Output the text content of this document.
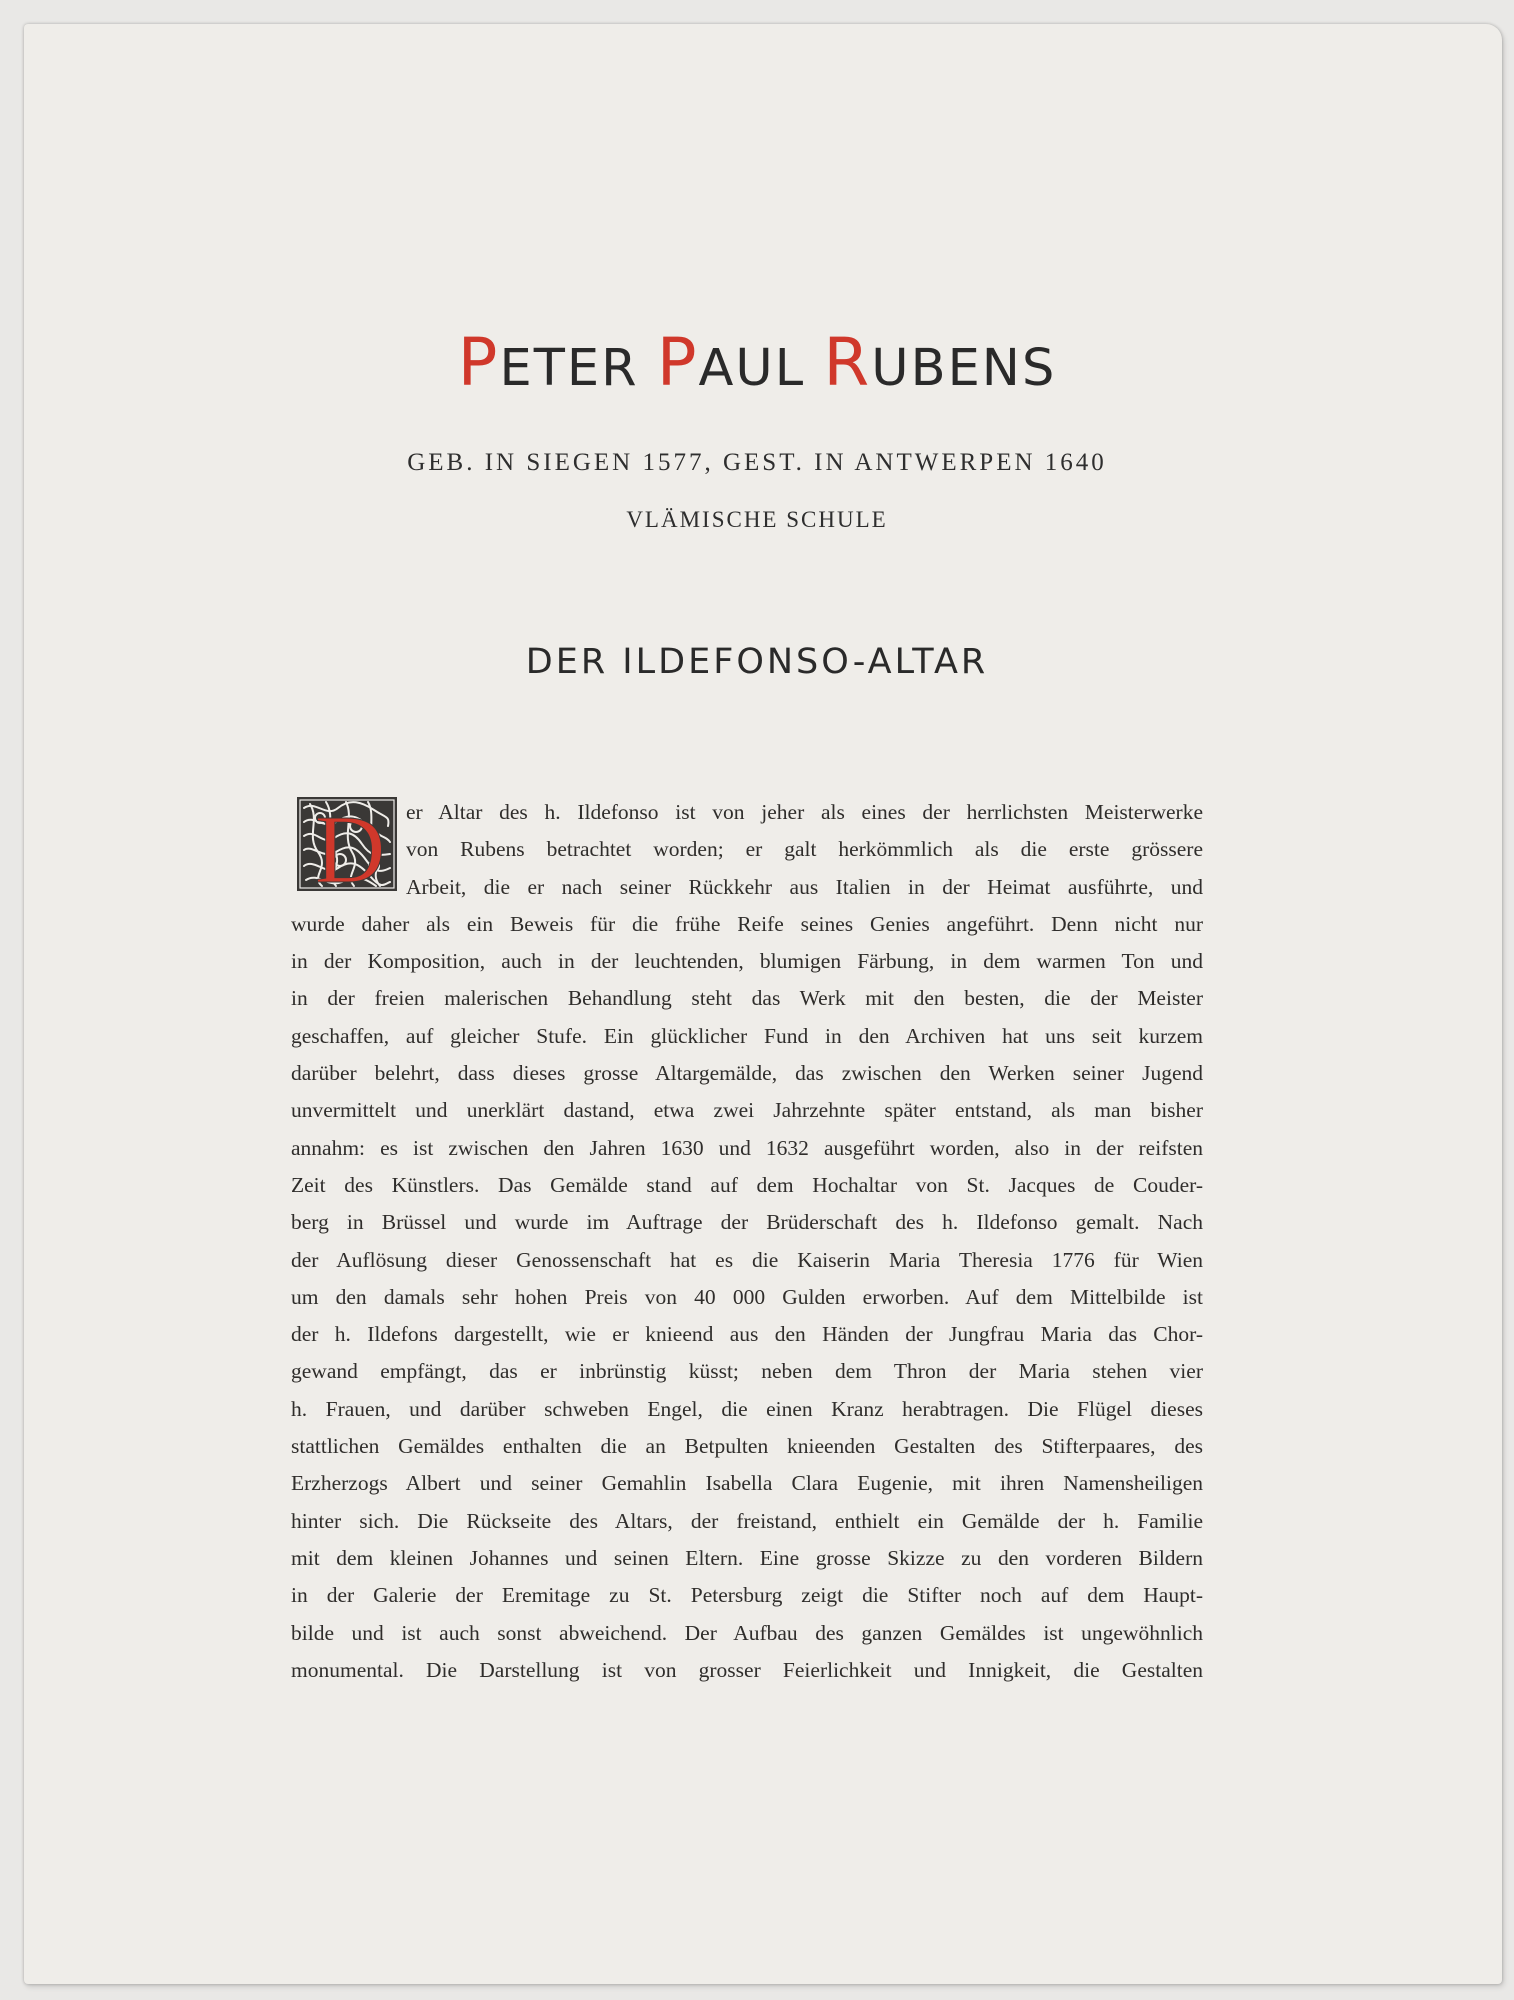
PETER PAUL RUBENS

GEB. IN SIEGEN 1577, GEST. IN ANTWERPEN 1640

VLÄMISCHE SCHULE

DER ILDEFONSO-ALTAR
D er Altar des h. Ildefonso ist von jeher als eines der herrlichsten Meisterwerke
von Rubens betrachtet worden; er galt herkömmlich als die erste grössere
Arbeit, die er nach seiner Rückkehr aus Italien in der Heimat ausführte, und
wurde daher als ein Beweis für die frühe Reife seines Genies angeführt. Denn nicht nur
in der Komposition, auch in der leuchtenden, blumigen Färbung, in dem warmen Ton und
in der freien malerischen Behandlung steht das Werk mit den besten, die der Meister
geschaffen, auf gleicher Stufe. Ein glücklicher Fund in den Archiven hat uns seit kurzem
darüber belehrt, dass dieses grosse Altargemälde, das zwischen den Werken seiner Jugend
unvermittelt und unerklärt dastand, etwa zwei Jahrzehnte später entstand, als man bisher
annahm: es ist zwischen den Jahren 1630 und 1632 ausgeführt worden, also in der reifsten
Zeit des Künstlers. Das Gemälde stand auf dem Hochaltar von St. Jacques de Couder-
berg in Brüssel und wurde im Auftrage der Brüderschaft des h. Ildefonso gemalt. Nach
der Auflösung dieser Genossenschaft hat es die Kaiserin Maria Theresia 1776 für Wien
um den damals sehr hohen Preis von 40 000 Gulden erworben. Auf dem Mittelbilde ist
der h. Ildefons dargestellt, wie er knieend aus den Händen der Jungfrau Maria das Chor-
gewand empfängt, das er inbrünstig küsst; neben dem Thron der Maria stehen vier
h. Frauen, und darüber schweben Engel, die einen Kranz herabtragen. Die Flügel dieses
stattlichen Gemäldes enthalten die an Betpulten knieenden Gestalten des Stifterpaares, des
Erzherzogs Albert und seiner Gemahlin Isabella Clara Eugenie, mit ihren Namensheiligen
hinter sich. Die Rückseite des Altars, der freistand, enthielt ein Gemälde der h. Familie
mit dem kleinen Johannes und seinen Eltern. Eine grosse Skizze zu den vorderen Bildern
in der Galerie der Eremitage zu St. Petersburg zeigt die Stifter noch auf dem Haupt-
bilde und ist auch sonst abweichend. Der Aufbau des ganzen Gemäldes ist ungewöhnlich
monumental. Die Darstellung ist von grosser Feierlichkeit und Innigkeit, die Gestalten
